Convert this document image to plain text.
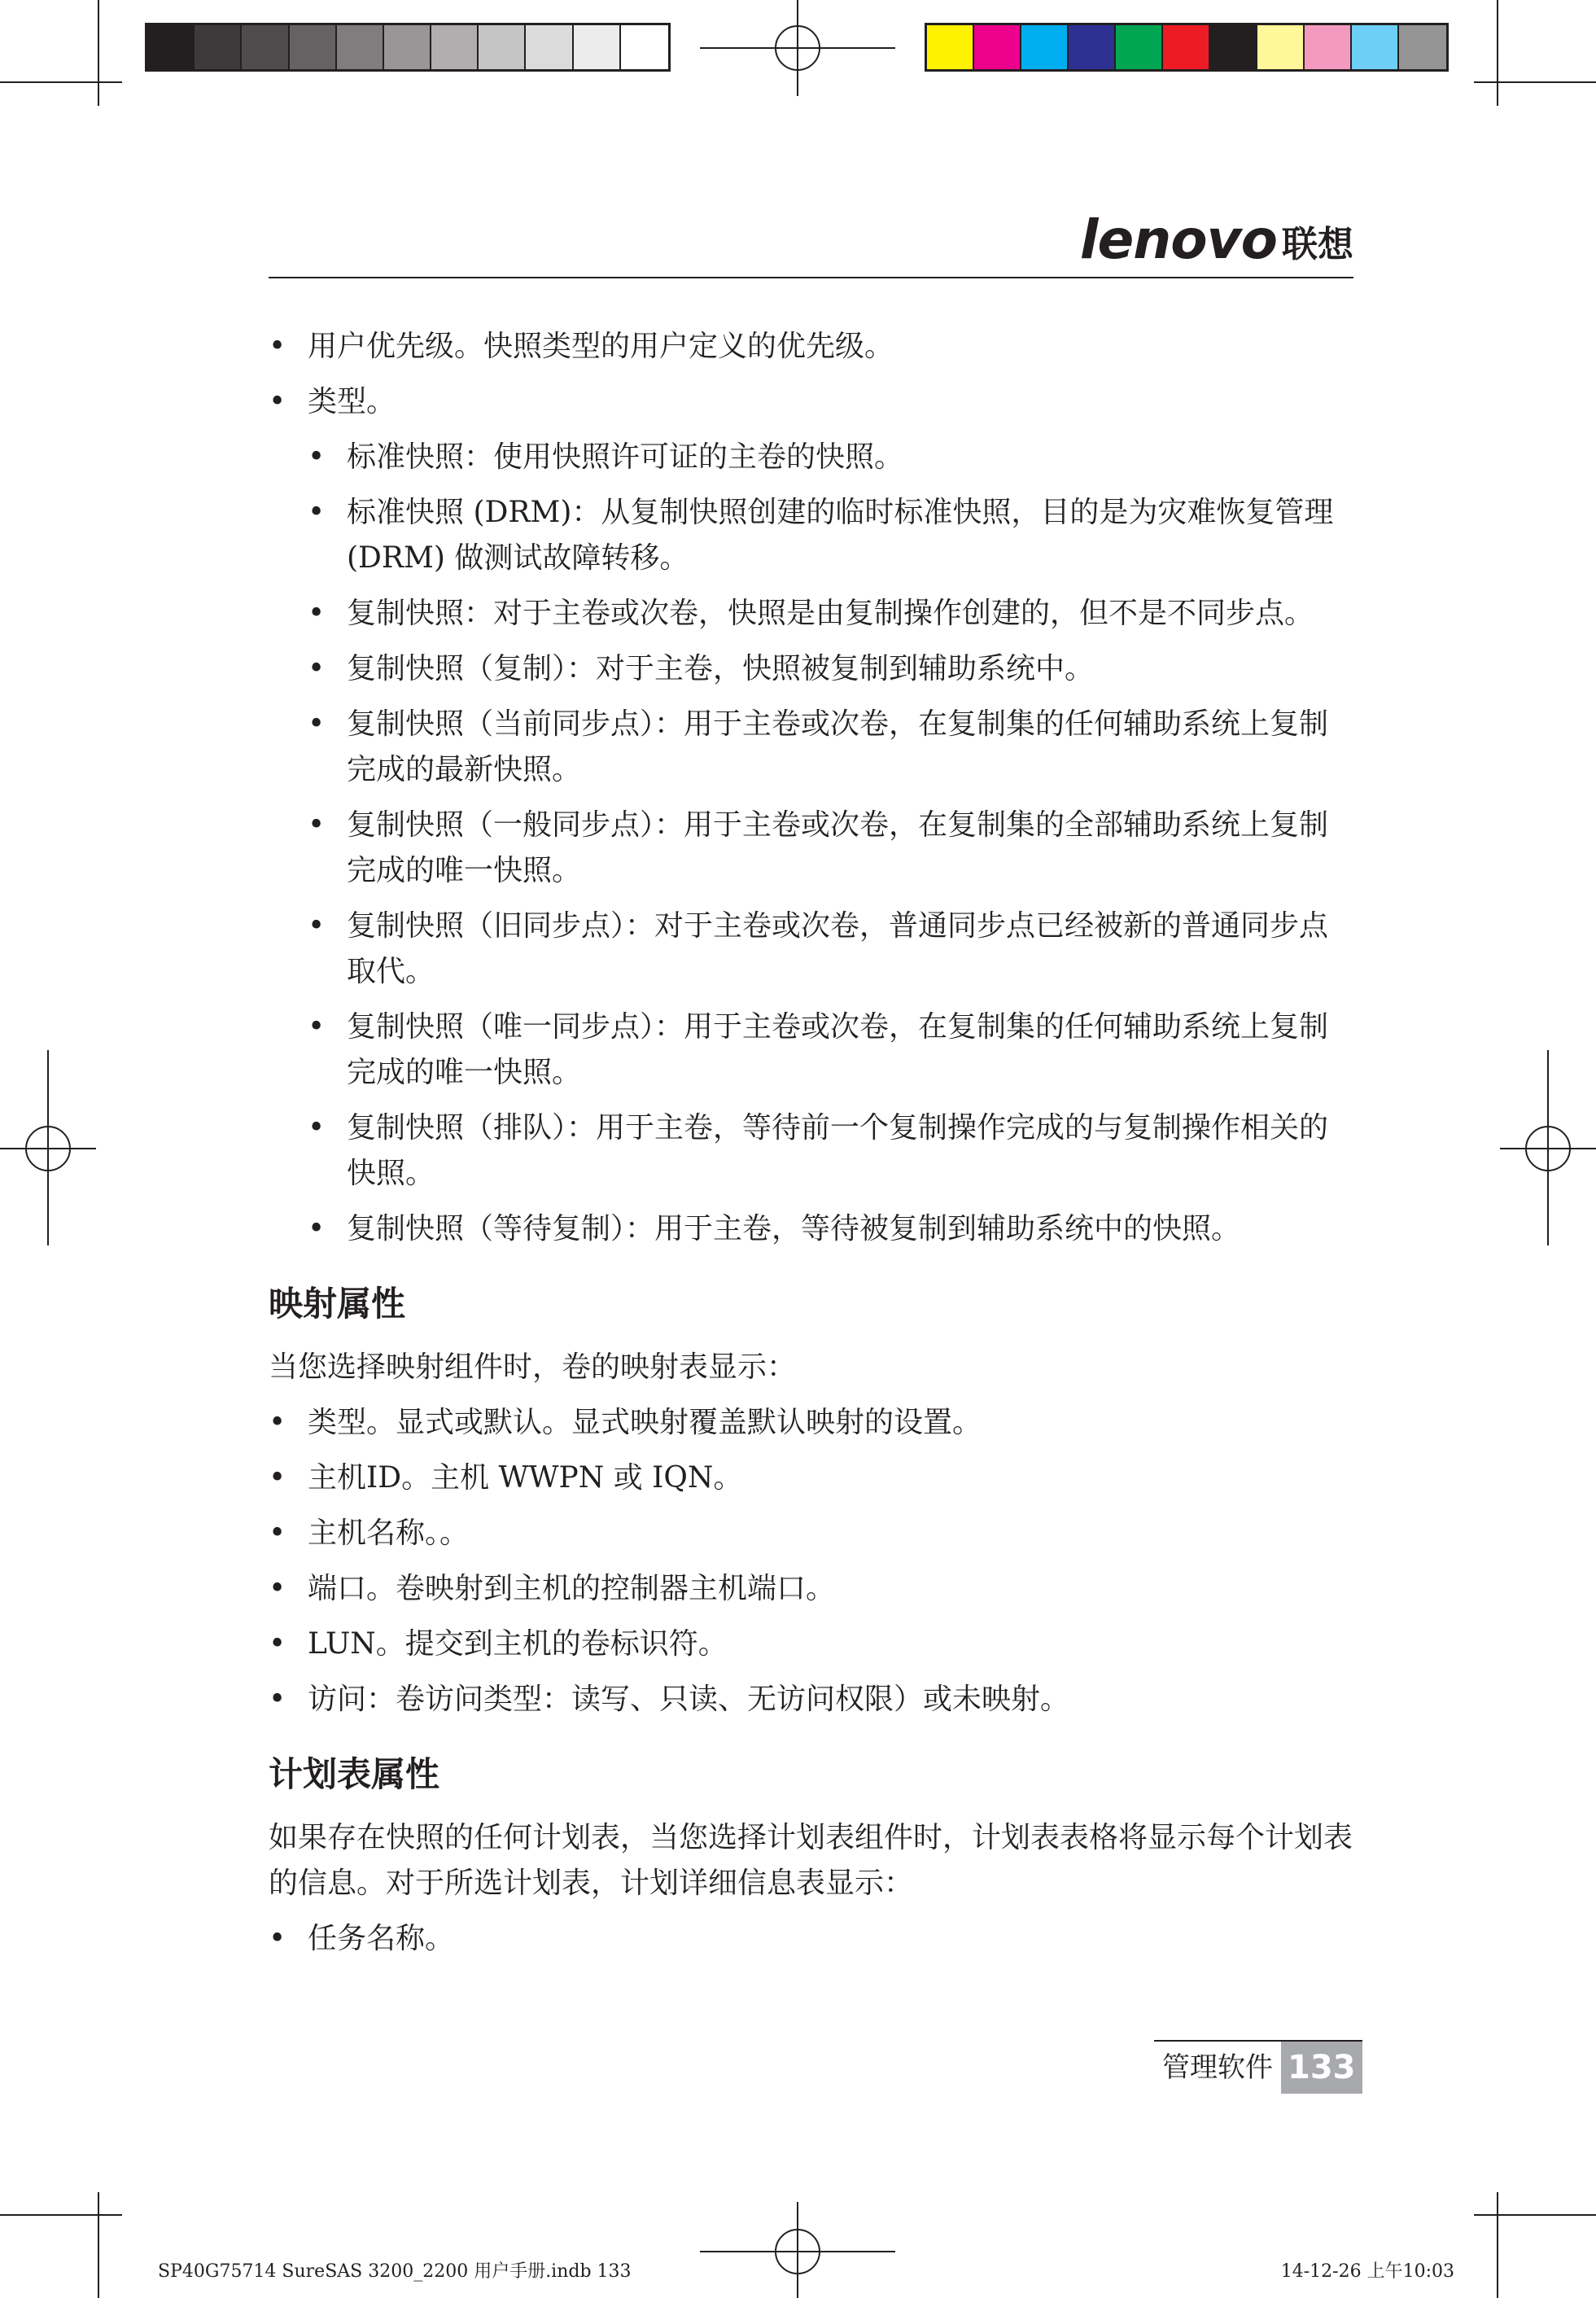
lenovo 联想
• 用户优先级。快照类型的用户定义的优先级。
• 类型。
• 标准快照：使用快照许可证的主卷的快照。
• 标准快照 (DRM)：从复制快照创建的临时标准快照，目的是为灾难恢复管理 (DRM) 做测试故障转移。
• 复制快照：对于主卷或次卷，快照是由复制操作创建的，但不是不同步点。
• 复制快照（复制）：对于主卷，快照被复制到辅助系统中。
• 复制快照（当前同步点）：用于主卷或次卷，在复制集的任何辅助系统上复制完成的最新快照。
• 复制快照（一般同步点）：用于主卷或次卷，在复制集的全部辅助系统上复制完成的唯一快照。
• 复制快照（旧同步点）：对于主卷或次卷，普通同步点已经被新的普通同步点取代。
• 复制快照（唯一同步点）：用于主卷或次卷，在复制集的任何辅助系统上复制完成的唯一快照。
• 复制快照（排队）：用于主卷，等待前一个复制操作完成的与复制操作相关的快照。
• 复制快照（等待复制）：用于主卷，等待被复制到辅助系统中的快照。
映射属性

当您选择映射组件时，卷的映射表显示：

• 类型。显式或默认。显式映射覆盖默认映射的设置。
• 主机ID。主机 WWPN 或 IQN。
• 主机名称。。
• 端口。卷映射到主机的控制器主机端口。
• LUN。提交到主机的卷标识符。
• 访问：卷访问类型：读写、只读、无访问权限）或未映射。
计划表属性

如果存在快照的任何计划表，当您选择计划表组件时，计划表表格将显示每个计划表的信息。对于所选计划表，计划详细信息表显示：

• 任务名称。
管理软件 133
SP40G75714 SureSAS 3200_2200 用户手册.indb 133	14-12-26 上午10:03
